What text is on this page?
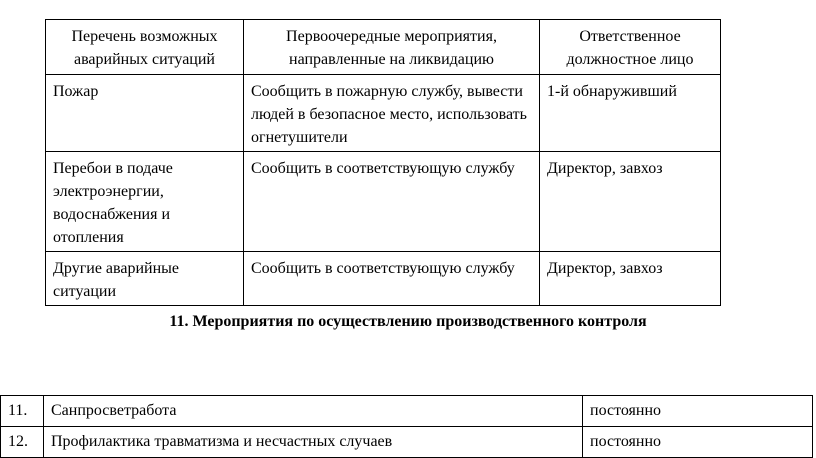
Перечень возможных аварийных ситуаций	Первоочередные мероприятия, направленные на ликвидацию	Ответственное должностное лицо
Пожар	Сообщить в пожарную службу, вывести людей в безопасное место, использовать огнетушители	1-й обнаруживший
Перебои в подаче электроэнергии, водоснабжения и отопления	Сообщить в соответствующую службу	Директор, завхоз
Другие аварийные ситуации	Сообщить в соответствующую службу	Директор, завхоз

11. Мероприятия по осуществлению производственного контроля

11.	Санпросветработа	постоянно
12.	Профилактика травматизма и несчастных случаев	постоянно
